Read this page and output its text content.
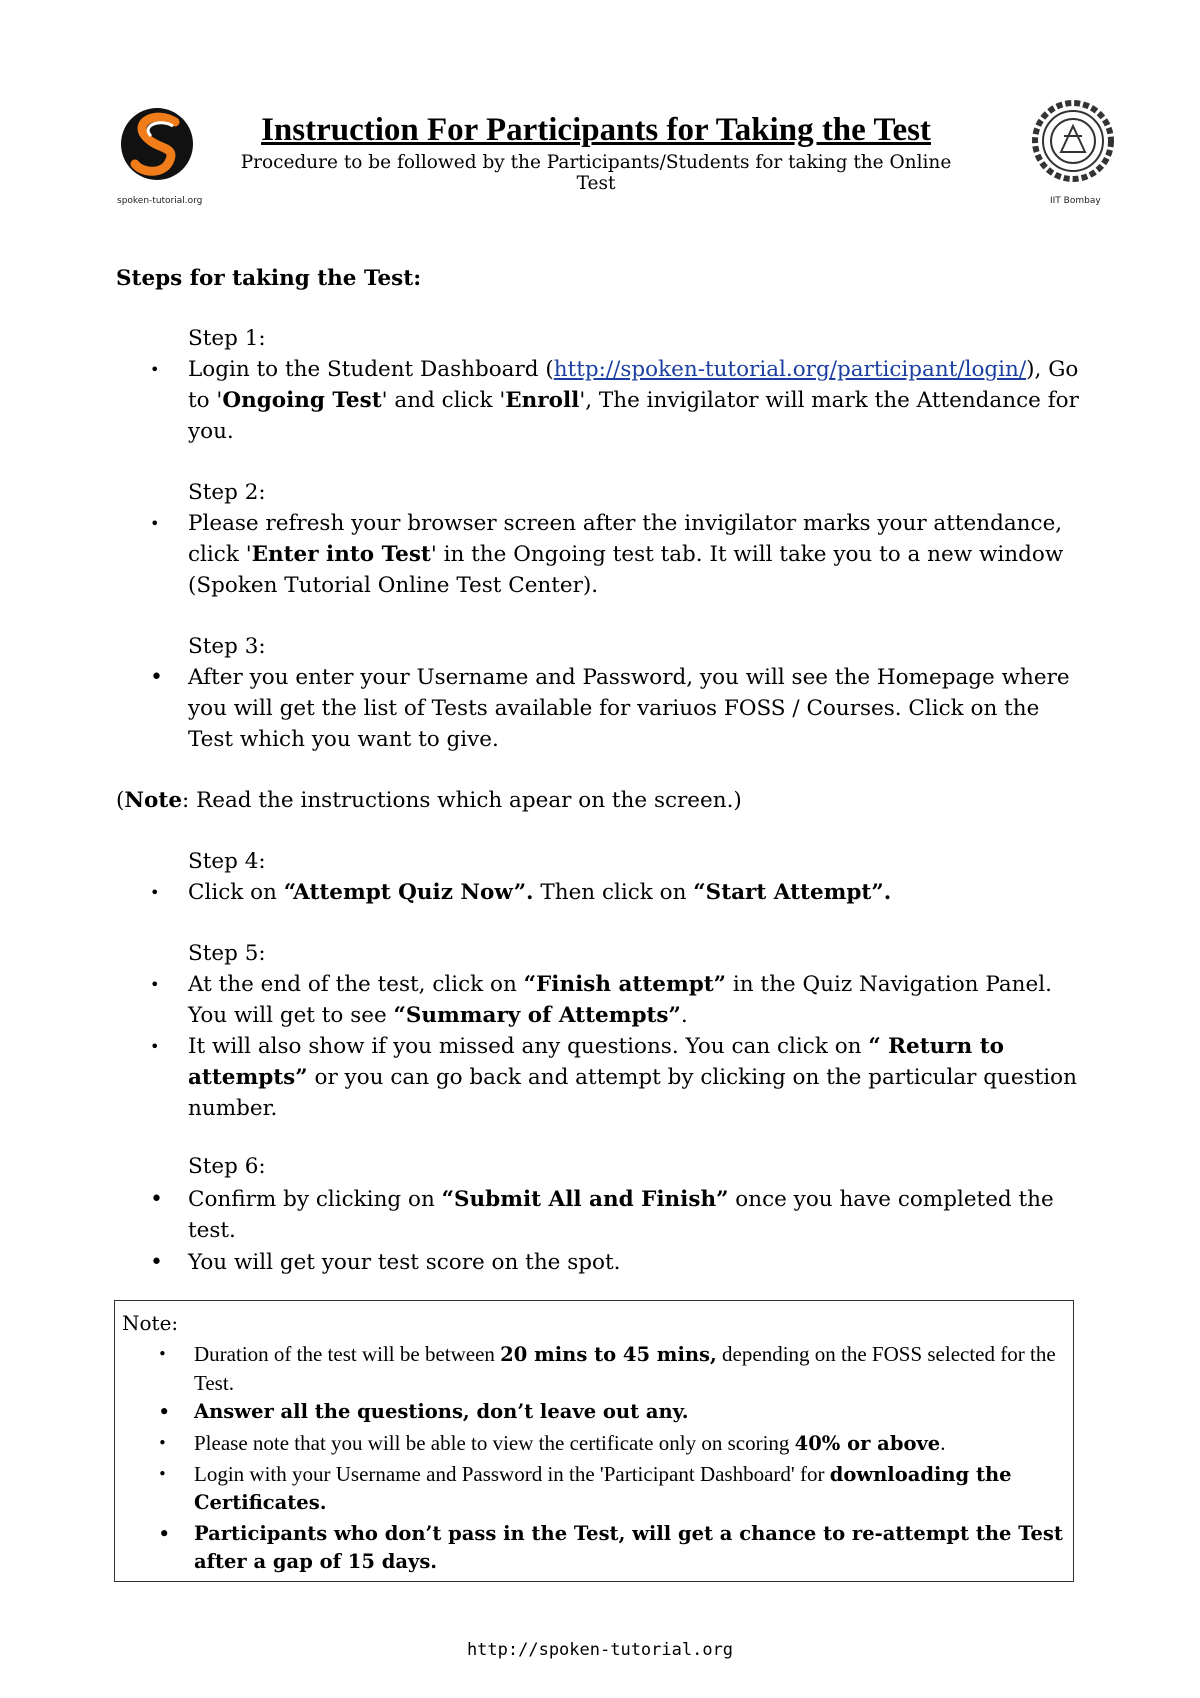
spoken-tutorial.org
Instruction For Participants for Taking the Test
Procedure to be followed by the Participants/Students for taking the Online Test
IIT Bombay
Steps for taking the Test:
Step 1:
• Login to the Student Dashboard (http://spoken-tutorial.org/participant/login/), Go to 'Ongoing Test' and click 'Enroll', The invigilator will mark the Attendance for you.
Step 2:
• Please refresh your browser screen after the invigilator marks your attendance, click 'Enter into Test' in the Ongoing test tab. It will take you to a new window (Spoken Tutorial Online Test Center).
Step 3:
• After you enter your Username and Password, you will see the Homepage where you will get the list of Tests available for variuos FOSS / Courses. Click on the Test which you want to give.
(Note: Read the instructions which apear on the screen.)
Step 4:
• Click on “Attempt Quiz Now”. Then click on “Start Attempt”.
Step 5:
• At the end of the test, click on “Finish attempt” in the Quiz Navigation Panel. You will get to see “Summary of Attempts”.
• It will also show if you missed any questions. You can click on “ Return to attempts” or you can go back and attempt by clicking on the particular question number.
Step 6:
• Confirm by clicking on “Submit All and Finish” once you have completed the test.
• You will get your test score on the spot.
Note:
• Duration of the test will be between 20 mins to 45 mins, depending on the FOSS selected for the Test.
• Answer all the questions, don’t leave out any.
• Please note that you will be able to view the certificate only on scoring 40% or above.
• Login with your Username and Password in the 'Participant Dashboard' for downloading the Certificates.
• Participants who don’t pass in the Test, will get a chance to re-attempt the Test after a gap of 15 days.
http://spoken-tutorial.org
